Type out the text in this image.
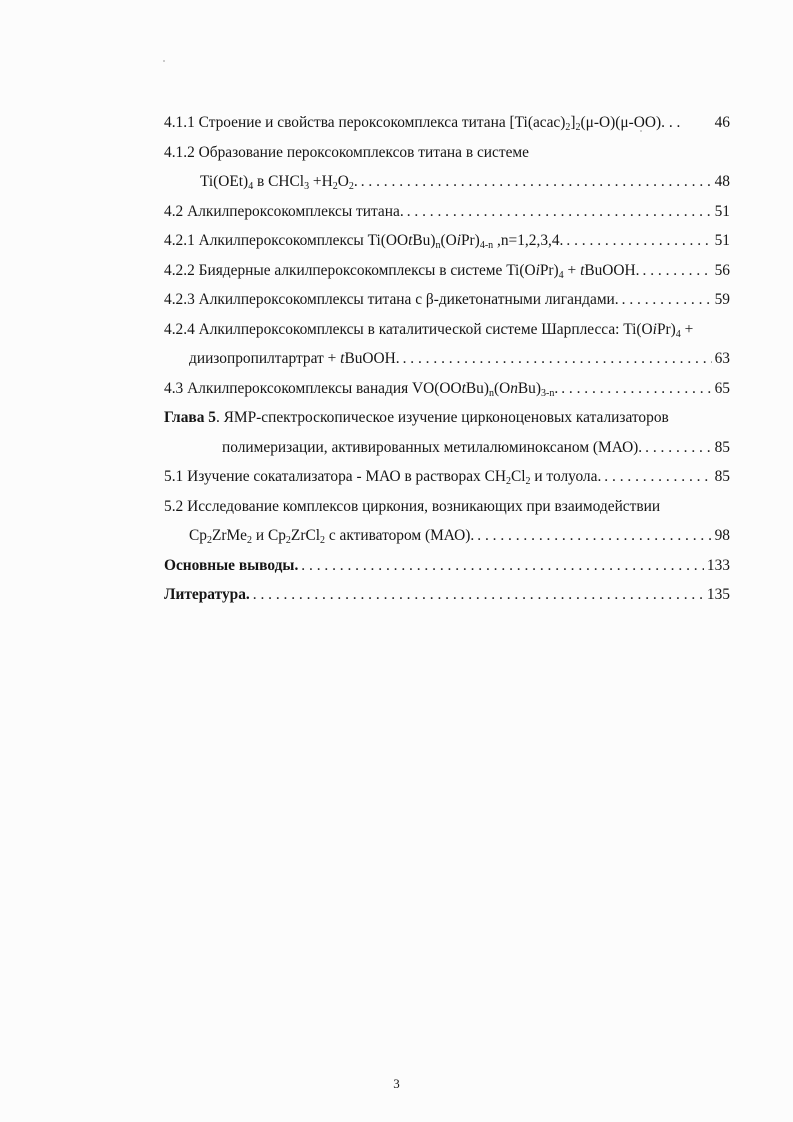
4.1.1 Строение и свойства пероксокомплекса титана $[Ti(acac)_2]_2(\mu-O)(\mu-OO)$. . . 46
4.1.2 Образование пероксокомплексов титана в системе
$Ti(OEt)_4$ в CHCl$_3$ $+H_2O_2$. . . .	48
4.2 Алкилпероксокомплексы титана. . . .	51
4.2.1 Алкилпероксокомплексы $Ti(OOtBu)_n(OiPr)_{4-n}$ ,n=1,2,3,4. . . .	51
4.2.2 Биядерные алкилпероксокомплексы в системе $Ti(OiPr)_4$ + tBuOOH. . . .	56
4.2.3 Алкилпероксокомплексы титана с β-дикетонатными лигандами. . . .	59
4.2.4 Алкилпероксокомплексы в каталитической системе Шарплесса: $Ti(OiPr)_4$ +
диизопропилтартрат + tBuOOH. . . .	63
4.3 Алкилпероксокомплексы ванадия $VO(OOtBu)_n(OnBu)_{3-n}$. . . .	65
Глава 5. ЯМР-спектроскопическое изучение цирконоценовых катализаторов
полимеризации, активированных метилалюминоксаном (МАО). . . .	85
5.1 Изучение сокатализатора - МАО в растворах $CH_2Cl_2$ и толуола. . . .	85
5.2 Исследование комплексов циркония, возникающих при взаимодействии
$Cp_2ZrMe_2$ и $Cp_2ZrCl_2$ с активатором (МАО). . . .	98
Основные выводы. . . .	133
Литература. . . .	135
3
